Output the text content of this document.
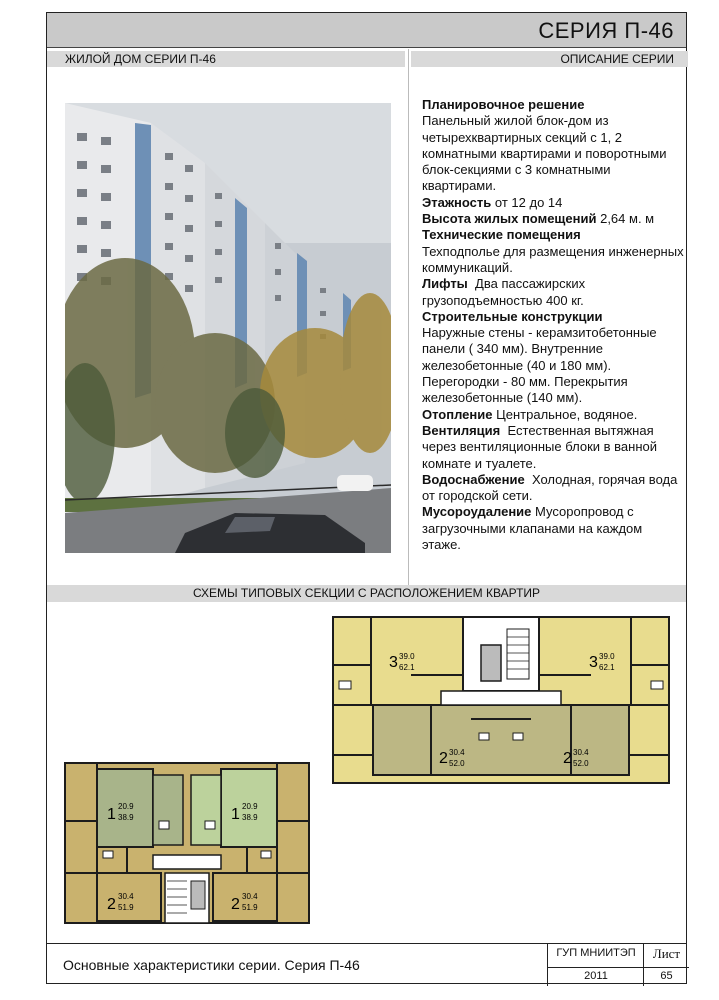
СЕРИЯ П-46
ЖИЛОЙ ДОМ СЕРИИ П-46	ОПИСАНИЕ СЕРИИ

Планировочное решение

Панельный жилой блок-дом из четырехквартирных секций с 1, 2 комнатными квартирами и поворотными блок-секциями с 3 комнатными квартирами.

Этажность от 12 до 14

Высота жилых помещений 2,64 м. м

Технические помещения

Техподполье для размещения инженерных коммуникаций.

Лифты Два пассажирских грузоподъемностью 400 кг.

Строительные конструкции

Наружные стены - керамзитобетонные панели ( 340 мм). Внутренние железобетонные (40 и 180 мм). Перегородки - 80 мм. Перекрытия железобетонные (140 мм).

Отопление Центральное, водяное.

Вентиляция Естественная вытяжная через вентиляционные блоки в ванной комнате и туалете.

Водоснабжение Холодная, горячая вода от городской сети.

Мусороудаление Мусоропровод с загрузочными клапанами на каждом этаже.

СХЕМЫ ТИПОВЫХ СЕКЦИИ С РАСПОЛОЖЕНИЕМ КВАРТИР
3 39.0
62.1	3 39.0
62.1
2 30.4
52.0	2 30.4
52.0
1 20.9
38.9	1 20.9
38.9
2 30.4
51.9	2 30.4
51.9
Основные характеристики серии. Серия П-46
ГУП МНИИТЭП
2011
Лист
65
